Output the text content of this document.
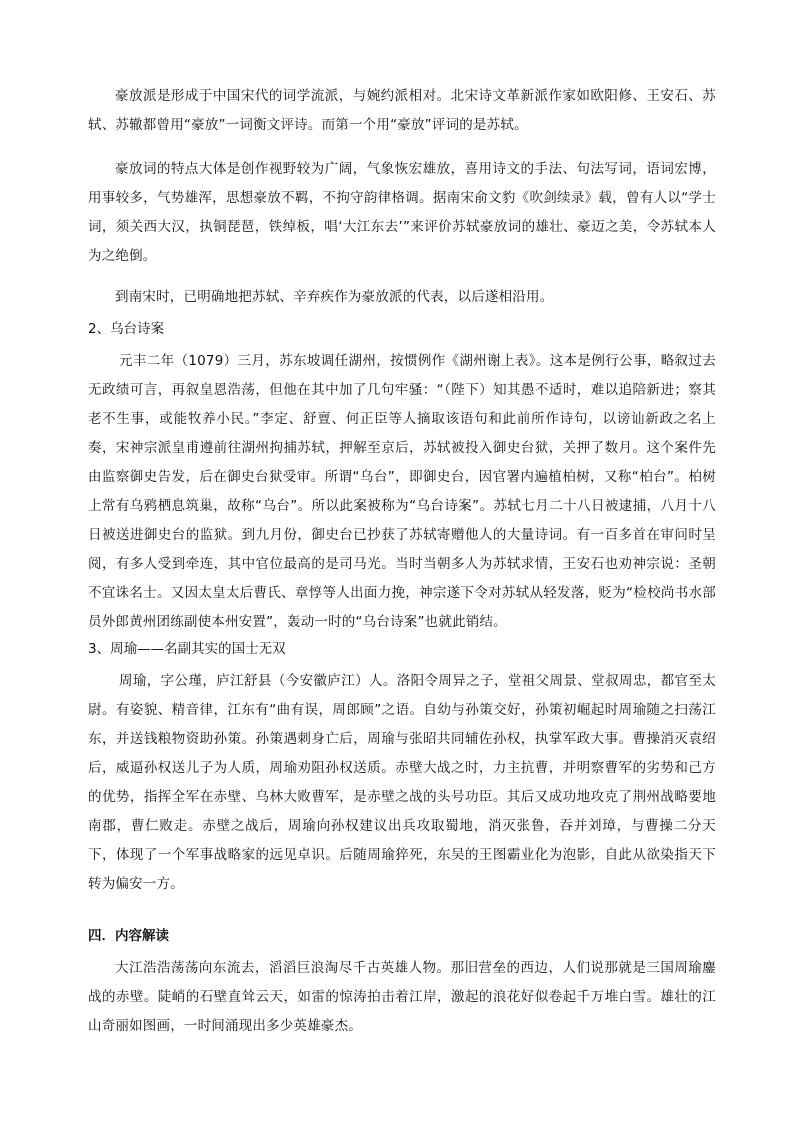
豪放派是形成于中国宋代的词学流派，与婉约派相对。北宋诗文革新派作家如欧阳修、王安石、苏轼、苏辙都曾用“豪放”一词衡文评诗。而第一个用“豪放”评词的是苏轼。

豪放词的特点大体是创作视野较为广阔，气象恢宏雄放，喜用诗文的手法、句法写词，语词宏博，用事较多，气势雄浑，思想豪放不羁，不拘守韵律格调。据南宋俞文豹《吹剑续录》载，曾有人以“学士词，须关西大汉，执铜琵琶，铁绰板，唱‘大江东去’”来评价苏轼豪放词的雄壮、豪迈之美，令苏轼本人为之绝倒。

到南宋时，已明确地把苏轼、辛弃疾作为豪放派的代表，以后遂相沿用。

2、乌台诗案

元丰二年（1079）三月，苏东坡调任湖州，按惯例作《湖州谢上表》。这本是例行公事，略叙过去无政绩可言，再叙皇恩浩荡，但他在其中加了几句牢骚：“（陛下）知其愚不适时，难以追陪新进；察其老不生事，或能牧养小民。”李定、舒亶、何正臣等人摘取该语句和此前所作诗句，以谤讪新政之名上奏，宋神宗派皇甫遵前往湖州拘捕苏轼，押解至京后，苏轼被投入御史台狱，关押了数月。这个案件先由监察御史告发，后在御史台狱受审。所谓“乌台”，即御史台，因官署内遍植柏树，又称“柏台”。柏树上常有乌鸦栖息筑巢，故称“乌台”。所以此案被称为“乌台诗案”。苏轼七月二十八日被逮捕，八月十八日被送进御史台的监狱。到九月份，御史台已抄获了苏轼寄赠他人的大量诗词。有一百多首在审问时呈阅，有多人受到牵连，其中官位最高的是司马光。当时当朝多人为苏轼求情，王安石也劝神宗说：圣朝不宜诛名士。又因太皇太后曹氏、章惇等人出面力挽，神宗遂下令对苏轼从轻发落，贬为“检校尚书水部员外郎黄州团练副使本州安置”，轰动一时的“乌台诗案”也就此销结。

3、周瑜——名副其实的国士无双

周瑜，字公瑾，庐江舒县（今安徽庐江）人。洛阳令周异之子，堂祖父周景、堂叔周忠，都官至太尉。有姿貌、精音律，江东有“曲有误，周郎顾”之语。自幼与孙策交好，孙策初崛起时周瑜随之扫荡江东，并送钱粮物资助孙策。孙策遇刺身亡后，周瑜与张昭共同辅佐孙权，执掌军政大事。曹操消灭袁绍后，威逼孙权送儿子为人质，周瑜劝阻孙权送质。赤壁大战之时，力主抗曹，并明察曹军的劣势和己方的优势，指挥全军在赤壁、乌林大败曹军，是赤壁之战的头号功臣。其后又成功地攻克了荆州战略要地南郡，曹仁败走。赤壁之战后，周瑜向孙权建议出兵攻取蜀地，消灭张鲁，吞并刘璋，与曹操二分天下，体现了一个军事战略家的远见卓识。后随周瑜猝死，东吴的王图霸业化为泡影，自此从欲染指天下转为偏安一方。

四．内容解读

大江浩浩荡荡向东流去，滔滔巨浪淘尽千古英雄人物。那旧营垒的西边，人们说那就是三国周瑜鏖战的赤壁。陡峭的石壁直耸云天，如雷的惊涛拍击着江岸，激起的浪花好似卷起千万堆白雪。雄壮的江山奇丽如图画，一时间涌现出多少英雄豪杰。
